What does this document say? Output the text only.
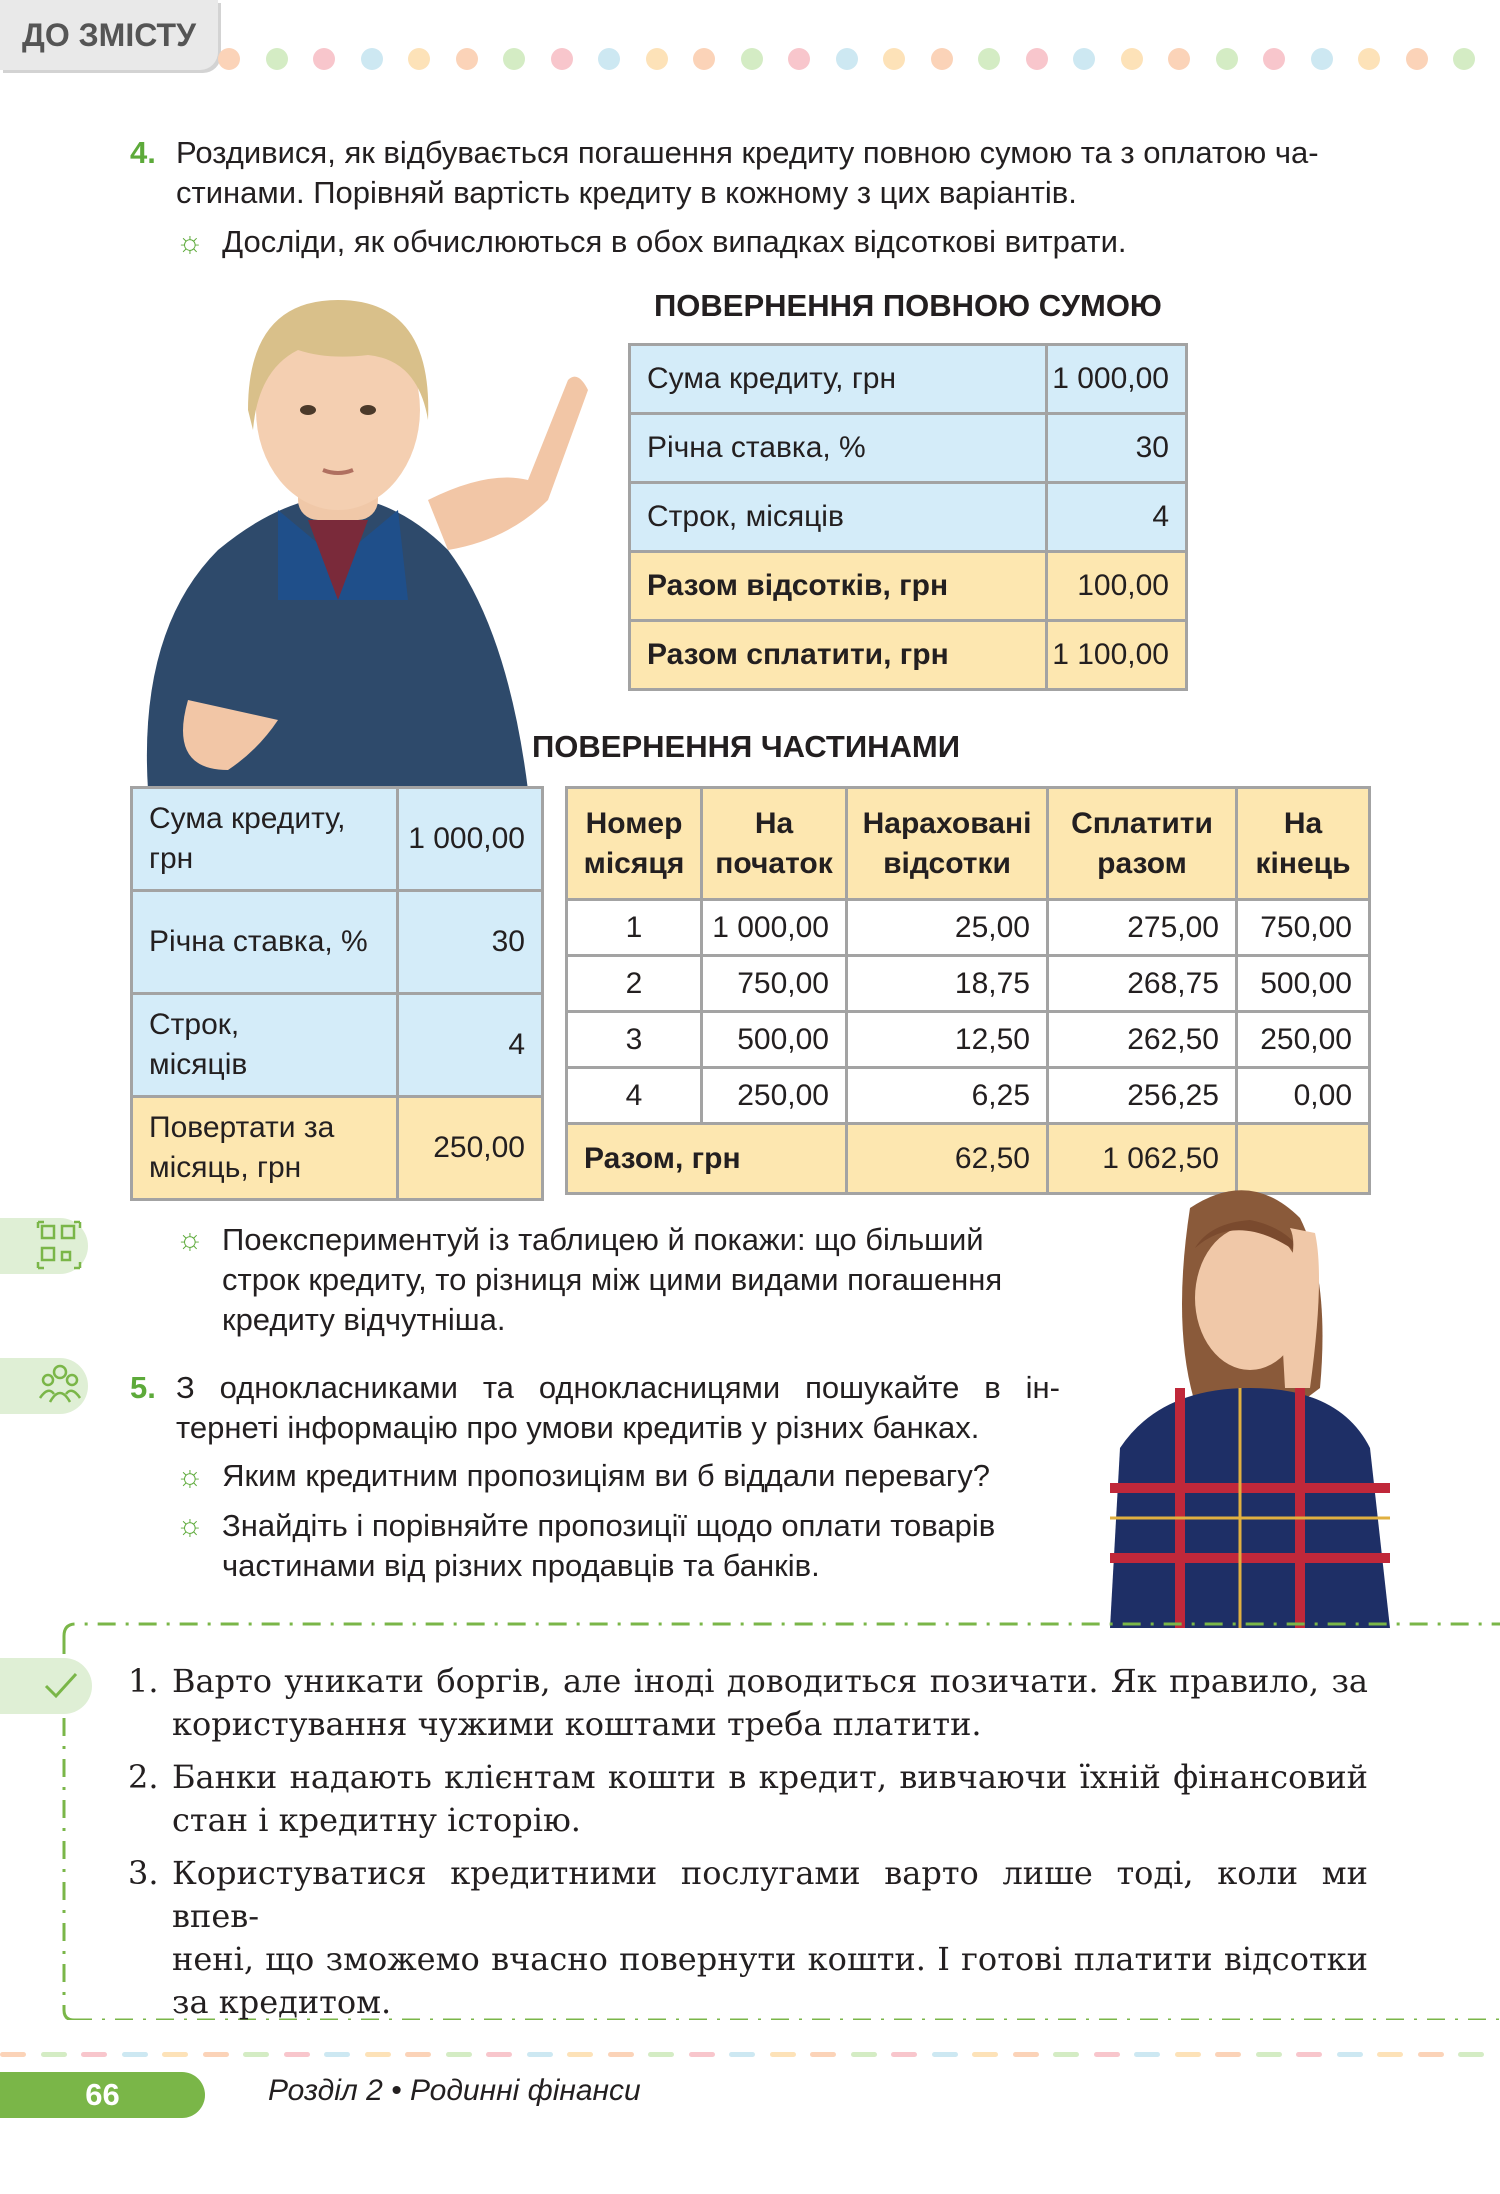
ДО ЗМІСТУ
4. Роздивися, як відбувається погашення кредиту повною сумою та з оплатою ча-
стинами. Порівняй вартість кредиту в кожному з цих варіантів.
☼ Досліди, як обчислюються в обох випадках відсоткові витрати.
ПОВЕРНЕННЯ ПОВНОЮ СУМОЮ
Сума кредиту, грн	1 000,00
Річна ставка, %	30
Строк, місяців	4
Разом відсотків, грн	100,00
Разом сплатити, грн	1 100,00
ПОВЕРНЕННЯ ЧАСТИНАМИ
Сума кредиту, грн	1 000,00
Річна ставка, %	30
Строк, місяців	4
Повертати за місяць, грн	250,00
Номер місяця	На початок	Нараховані відсотки	Сплатити разом	На кінець
1	1 000,00	25,00	275,00	750,00
2	750,00	18,75	268,75	500,00
3	500,00	12,50	262,50	250,00
4	250,00	6,25	256,25	0,00
Разом, грн		62,50	1 062,50	
☼ Поекспериментуй із таблицею й покажи: що більший
строк кредиту, то різниця між цими видами погашення
кредиту відчутніша.
5. З однокласниками та однокласницями пошукайте в ін-
тернеті інформацію про умови кредитів у різних банках.
☼ Яким кредитним пропозиціям ви б віддали перевагу?
☼ Знайдіть і порівняйте пропозиції щодо оплати товарів
частинами від різних продавців та банків.
1. Варто уникати боргів, але іноді доводиться позичати. Як правило, за
користування чужими коштами треба платити.
2. Банки надають клієнтам кошти в кредит, вивчаючи їхній фінансовий
стан і кредитну історію.
3. Користуватися кредитними послугами варто лише тоді, коли ми впев-
нені, що зможемо вчасно повернути кошти. І готові платити відсотки
за кредитом.
66	Розділ 2 • Родинні фінанси
